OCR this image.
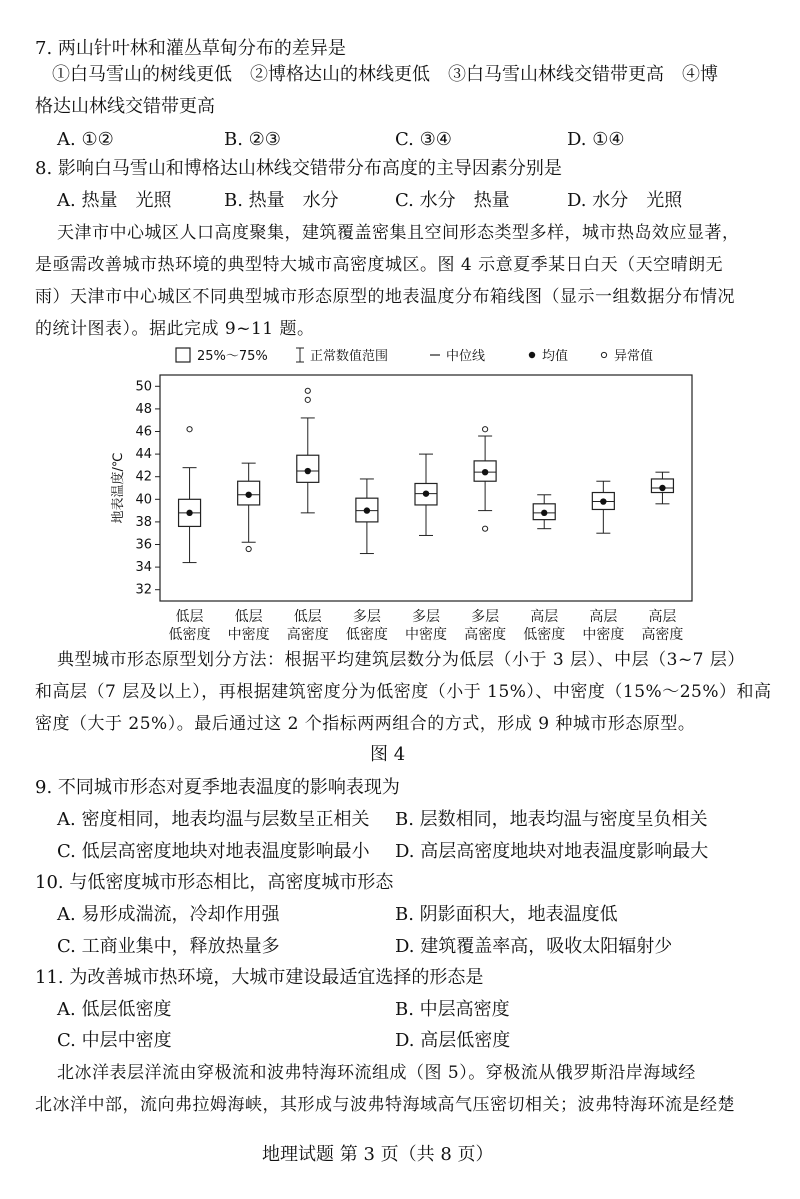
7. 两山针叶林和灌丛草甸分布的差异是
①白马雪山的树线更低　②博格达山的林线更低　③白马雪山林线交错带更高　④博
格达山林线交错带更高
A. ①②	B. ②③	C. ③④	D. ①④
8. 影响白马雪山和博格达山林线交错带分布高度的主导因素分别是
A. 热量　光照	B. 热量　水分	C. 水分　热量	D. 水分　光照
天津市中心城区人口高度聚集，建筑覆盖密集且空间形态类型多样，城市热岛效应显著，
是亟需改善城市热环境的典型特大城市高密度城区。图 4 示意夏季某日白天（天空晴朗无
雨）天津市中心城区不同典型城市形态原型的地表温度分布箱线图（显示一组数据分布情况
的统计图表）。据此完成 9~11 题。
32
34
36
38
40
42
44
46
48
50
地表温度/℃
低层
低密度
低层
中密度
低层
高密度
多层
低密度
多层
中密度
多层
高密度
高层
低密度
高层
中密度
高层
高密度
25%～75%	正常数值范围	中位线	均值	异常值
典型城市形态原型划分方法：根据平均建筑层数分为低层（小于 3 层）、中层（3~7 层）
和高层（7 层及以上），再根据建筑密度分为低密度（小于 15%）、中密度（15%～25%）和高
密度（大于 25%）。最后通过这 2 个指标两两组合的方式，形成 9 种城市形态原型。
图 4
9. 不同城市形态对夏季地表温度的影响表现为
A. 密度相同，地表均温与层数呈正相关 B. 层数相同，地表均温与密度呈负相关
C. 低层高密度地块对地表温度影响最小 D. 高层高密度地块对地表温度影响最大
10. 与低密度城市形态相比，高密度城市形态
A. 易形成湍流，冷却作用强	B. 阴影面积大，地表温度低
C. 工商业集中，释放热量多	D. 建筑覆盖率高，吸收太阳辐射少
11. 为改善城市热环境，大城市建设最适宜选择的形态是
A. 低层低密度	B. 中层高密度
C. 中层中密度	D. 高层低密度
北冰洋表层洋流由穿极流和波弗特海环流组成（图 5）。穿极流从俄罗斯沿岸海域经
北冰洋中部，流向弗拉姆海峡，其形成与波弗特海域高气压密切相关；波弗特海环流是经楚
地理试题 第 3 页（共 8 页）
